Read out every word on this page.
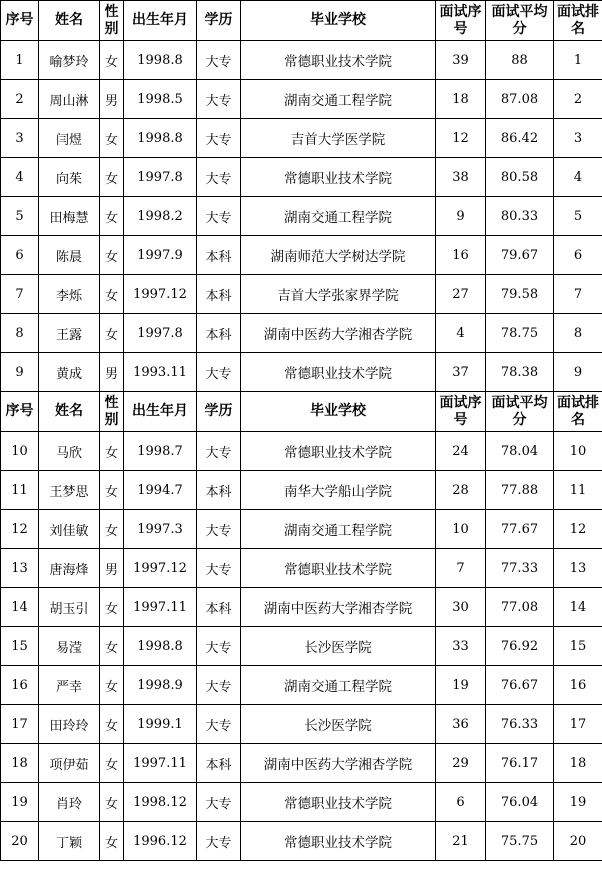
序号	姓名	性别	出生年月	学历	毕业学校	面试序号	面试平均分	面试排名
1	喻梦玲	女	1998.8	大专	常德职业技术学院	39	88	1
2	周山淋	男	1998.5	大专	湖南交通工程学院	18	87.08	2
3	闫煜	女	1998.8	大专	吉首大学医学院	12	86.42	3
4	向茱	女	1997.8	大专	常德职业技术学院	38	80.58	4
5	田梅慧	女	1998.2	大专	湖南交通工程学院	9	80.33	5
6	陈晨	女	1997.9	本科	湖南师范大学树达学院	16	79.67	6
7	李烁	女	1997.12	本科	吉首大学张家界学院	27	79.58	7
8	王露	女	1997.8	本科	湖南中医药大学湘杏学院	4	78.75	8
9	黄成	男	1993.11	大专	常德职业技术学院	37	78.38	9
序号	姓名	性别	出生年月	学历	毕业学校	面试序号	面试平均分	面试排名
10	马欣	女	1998.7	大专	常德职业技术学院	24	78.04	10
11	王梦思	女	1994.7	本科	南华大学船山学院	28	77.88	11
12	刘佳敏	女	1997.3	大专	湖南交通工程学院	10	77.67	12
13	唐海烽	男	1997.12	大专	常德职业技术学院	7	77.33	13
14	胡玉引	女	1997.11	本科	湖南中医药大学湘杏学院	30	77.08	14
15	易滢	女	1998.8	大专	长沙医学院	33	76.92	15
16	严幸	女	1998.9	大专	湖南交通工程学院	19	76.67	16
17	田玲玲	女	1999.1	大专	长沙医学院	36	76.33	17
18	项伊茹	女	1997.11	本科	湖南中医药大学湘杏学院	29	76.17	18
19	肖玲	女	1998.12	大专	常德职业技术学院	6	76.04	19
20	丁颖	女	1996.12	大专	常德职业技术学院	21	75.75	20
